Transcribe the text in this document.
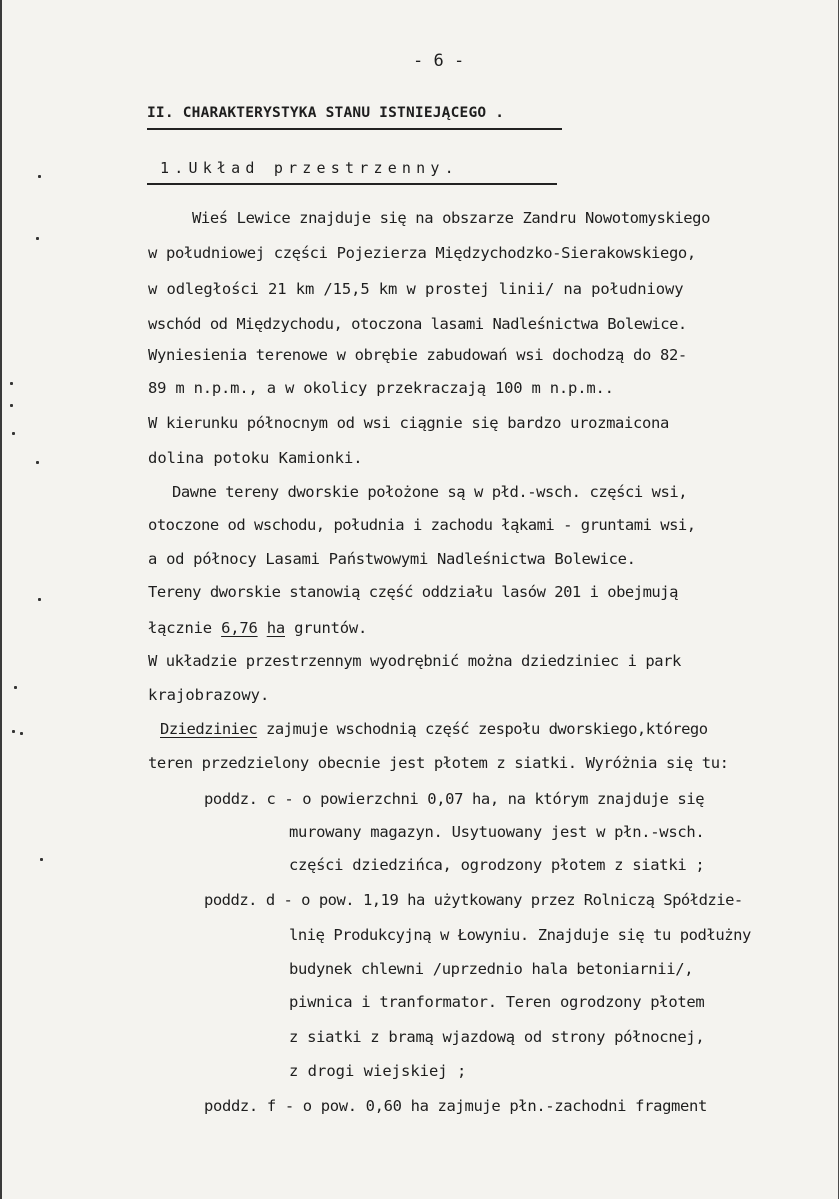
- 6 -
II. CHARAKTERYSTYKA STANU ISTNIEJĄCEGO .
1.Układ przestrzenny.
Wieś Lewice znajduje się na obszarze Zandru Nowotomyskiego
w południowej części Pojezierza Międzychodzko-Sierakowskiego,
w odległości 21 km /15,5 km w prostej linii/ na południowy
wschód od Międzychodu, otoczona lasami Nadleśnictwa Bolewice.
Wyniesienia terenowe w obrębie zabudowań wsi dochodzą do 82-
89 m n.p.m., a w okolicy przekraczają 100 m n.p.m..
W kierunku północnym od wsi ciągnie się bardzo urozmaicona
dolina potoku Kamionki.
Dawne tereny dworskie położone są w płd.-wsch. części wsi,
otoczone od wschodu, południa i zachodu łąkami - gruntami wsi,
a od północy Lasami Państwowymi Nadleśnictwa Bolewice.
Tereny dworskie stanowią część oddziału lasów 201 i obejmują
łącznie 6,76 ha gruntów.
W układzie przestrzennym wyodrębnić można dziedziniec i park
krajobrazowy.
Dziedziniec zajmuje wschodnią część zespołu dworskiego,którego
teren przedzielony obecnie jest płotem z siatki. Wyróżnia się tu:
poddz. c - o powierzchni 0,07 ha, na którym znajduje się
murowany magazyn. Usytuowany jest w płn.-wsch.
części dziedzińca, ogrodzony płotem z siatki ;
poddz. d - o pow. 1,19 ha użytkowany przez Rolniczą Spółdzie-
lnię Produkcyjną w Łowyniu. Znajduje się tu podłużny
budynek chlewni /uprzednio hala betoniarnii/,
piwnica i tranformator. Teren ogrodzony płotem
z siatki z bramą wjazdową od strony północnej,
z drogi wiejskiej ;
poddz. f - o pow. 0,60 ha zajmuje płn.-zachodni fragment
